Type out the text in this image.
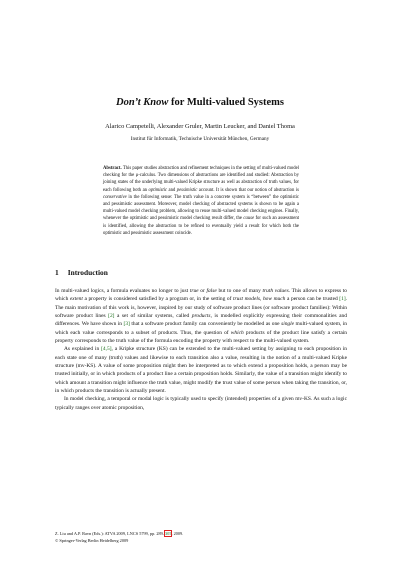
Don’t Know for Multi-valued Systems

Alarico Campetelli, Alexander Gruler, Martin Leucker, and Daniel Thoma

Institut für Informatik, Technische Universität München, Germany

Abstract. This paper studies abstraction and refinement techniques in the setting of multi-valued model checking for the μ-calculus. Two dimensions of abstractions are identified and studied: Abstraction by joining states of the underlying multi-valued Kripke structure as well as abstraction of truth values, for each following both an optimistic and pessimistic account. It is shown that our notion of abstraction is conservative in the following sense: The truth value in a concrete system is “between” the optimistic and pessimistic assessment. Moreover, model checking of abstracted systems is shown to be again a multi-valued model checking problem, allowing to reuse multi-valued model checking engines. Finally, whenever the optimistic and pessimistic model checking result differ, the cause for such an assessment is identified, allowing the abstraction to be refined to eventually yield a result for which both the optimistic and pessimistic assessment coincide.

1 Introduction

In multi-valued logics, a formula evaluates no longer to just true or false but to one of many truth values. This allows to express to which extent a property is considered satisfied by a program or, in the setting of trust models, how much a person can be trusted [1]. The main motivation of this work is, however, inspired by our study of software product lines (or software product families): Within software product lines [2] a set of similar systems, called products, is modelled explicitly expressing their commonalities and differences. We have shown in [3] that a software product family can conveniently be modelled as one single multi-valued system, in which each value corresponds to a subset of products. Thus, the question of which products of the product line satisfy a certain property corresponds to the truth value of the formula encoding the property with respect to the multi-valued system.

As explained in [4,5], a Kripke structure (KS) can be extended to the multi-valued setting by assigning to each proposition in each state one of many (truth) values and likewise to each transition also a value, resulting in the notion of a multi-valued Kripke structure (mv-KS). A value of some proposition might then be interpreted as to which extend a proposition holds, a person may be trusted initially, or in which products of a product line a certain proposition holds. Similarly, the value of a transition might identify to which amount a transition might influence the truth value, might modify the trust value of some person when taking the transition, or, in which products the transition is actually present.

In model checking, a temporal or modal logic is typically used to specify (intended) properties of a given mv-KS. As such a logic typically ranges over atomic proposition,

Z. Liu and A.P. Ravn (Eds.): ATVA 2009, LNCS 5799, pp. 289–305, 2009.

© Springer-Verlag Berlin Heidelberg 2009
